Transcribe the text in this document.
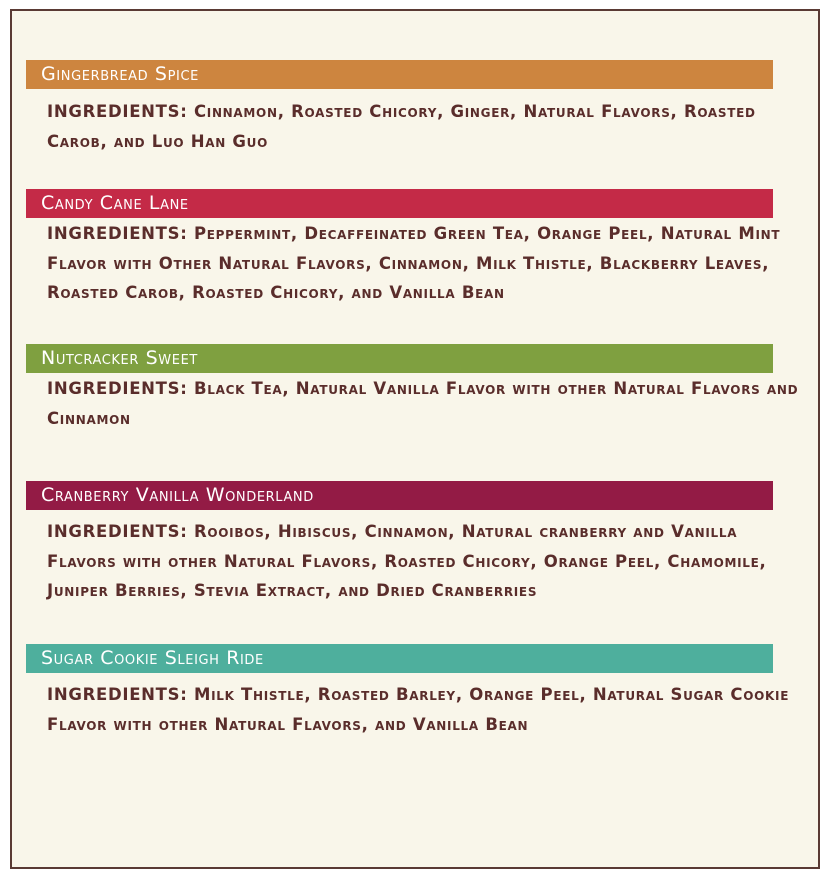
Gingerbread Spice

INGREDIENTS: Cinnamon, Roasted Chicory, Ginger, Natural Flavors, Roasted Carob, and Luo Han Guo

Candy Cane Lane

INGREDIENTS: Peppermint, Decaffeinated Green Tea, Orange Peel, Natural Mint Flavor with Other Natural Flavors, Cinnamon, Milk Thistle, Blackberry Leaves, Roasted Carob, Roasted Chicory, and Vanilla Bean

Nutcracker Sweet

INGREDIENTS: Black Tea, Natural Vanilla Flavor with other Natural Flavors and Cinnamon

Cranberry Vanilla Wonderland

INGREDIENTS: Rooibos, Hibiscus, Cinnamon, Natural cranberry and Vanilla Flavors with other Natural Flavors, Roasted Chicory, Orange Peel, Chamomile, Juniper Berries, Stevia Extract, and Dried Cranberries

Sugar Cookie Sleigh Ride

INGREDIENTS: Milk Thistle, Roasted Barley, Orange Peel, Natural Sugar Cookie Flavor with other Natural Flavors, and Vanilla Bean
